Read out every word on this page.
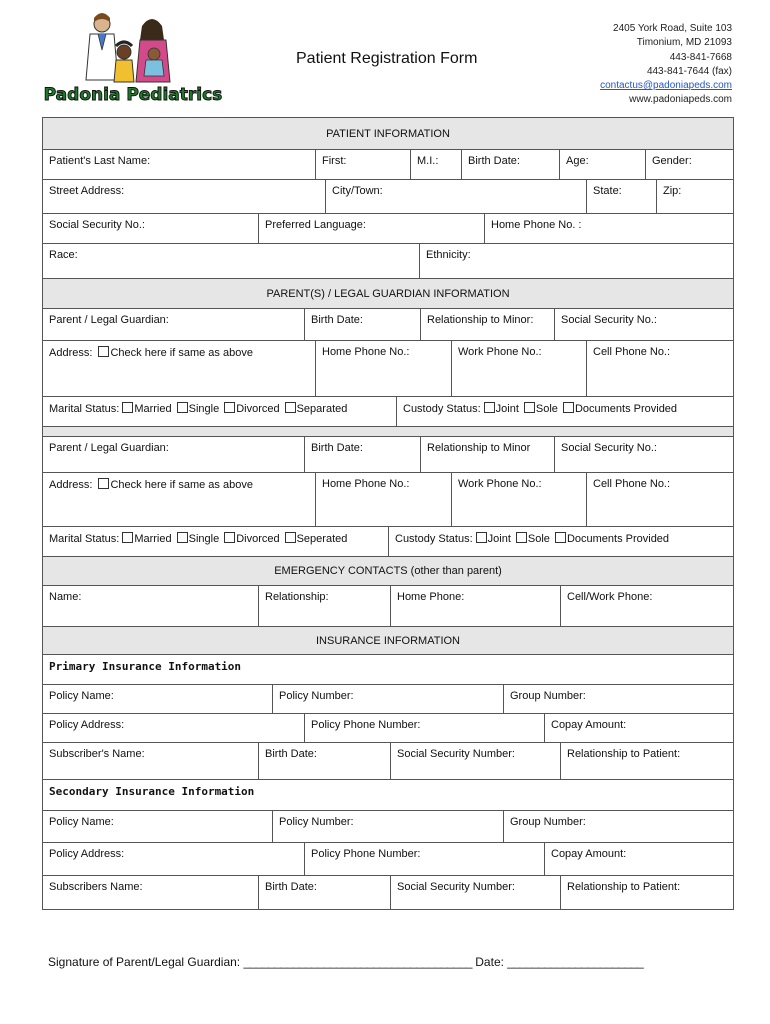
Padonia Pediatrics
Patient Registration Form
2405 York Road, Suite 103
Timonium, MD 21093
443-841-7668
443-841-7644 (fax)
contactus@padoniapeds.com
www.padoniapeds.com
PATIENT INFORMATION
Patient's Last Name:	First:	M.I.:	Birth Date:	Age:	Gender:
Street Address:	City/Town:	State:	Zip:
Social Security No.:	Preferred Language:	Home Phone No. :
Race:	Ethnicity:
PARENT(S) / LEGAL GUARDIAN INFORMATION
Parent / Legal Guardian:	Birth Date:	Relationship to Minor:	Social Security No.:
Address: Check here if same as above	Home Phone No.:	Work Phone No.:	Cell Phone No.:
Marital Status: Married Single Divorced Separated	Custody Status: Joint Sole Documents Provided
Parent / Legal Guardian:	Birth Date:	Relationship to Minor	Social Security No.:
Address: Check here if same as above	Home Phone No.:	Work Phone No.:	Cell Phone No.:
Marital Status: Married Single Divorced Seperated	Custody Status: Joint Sole Documents Provided
EMERGENCY CONTACTS (other than parent)
Name:	Relationship:	Home Phone:	Cell/Work Phone:
INSURANCE INFORMATION
Primary Insurance Information
Policy Name:	Policy Number:	Group Number:
Policy Address:	Policy Phone Number:	Copay Amount:
Subscriber's Name:	Birth Date:	Social Security Number:	Relationship to Patient:
Secondary Insurance Information
Policy Name:	Policy Number:	Group Number:
Policy Address:	Policy Phone Number:	Copay Amount:
Subscribers Name:	Birth Date:	Social Security Number:	Relationship to Patient:
Signature of Parent/Legal Guardian: _____________________________________ Date: ______________________
